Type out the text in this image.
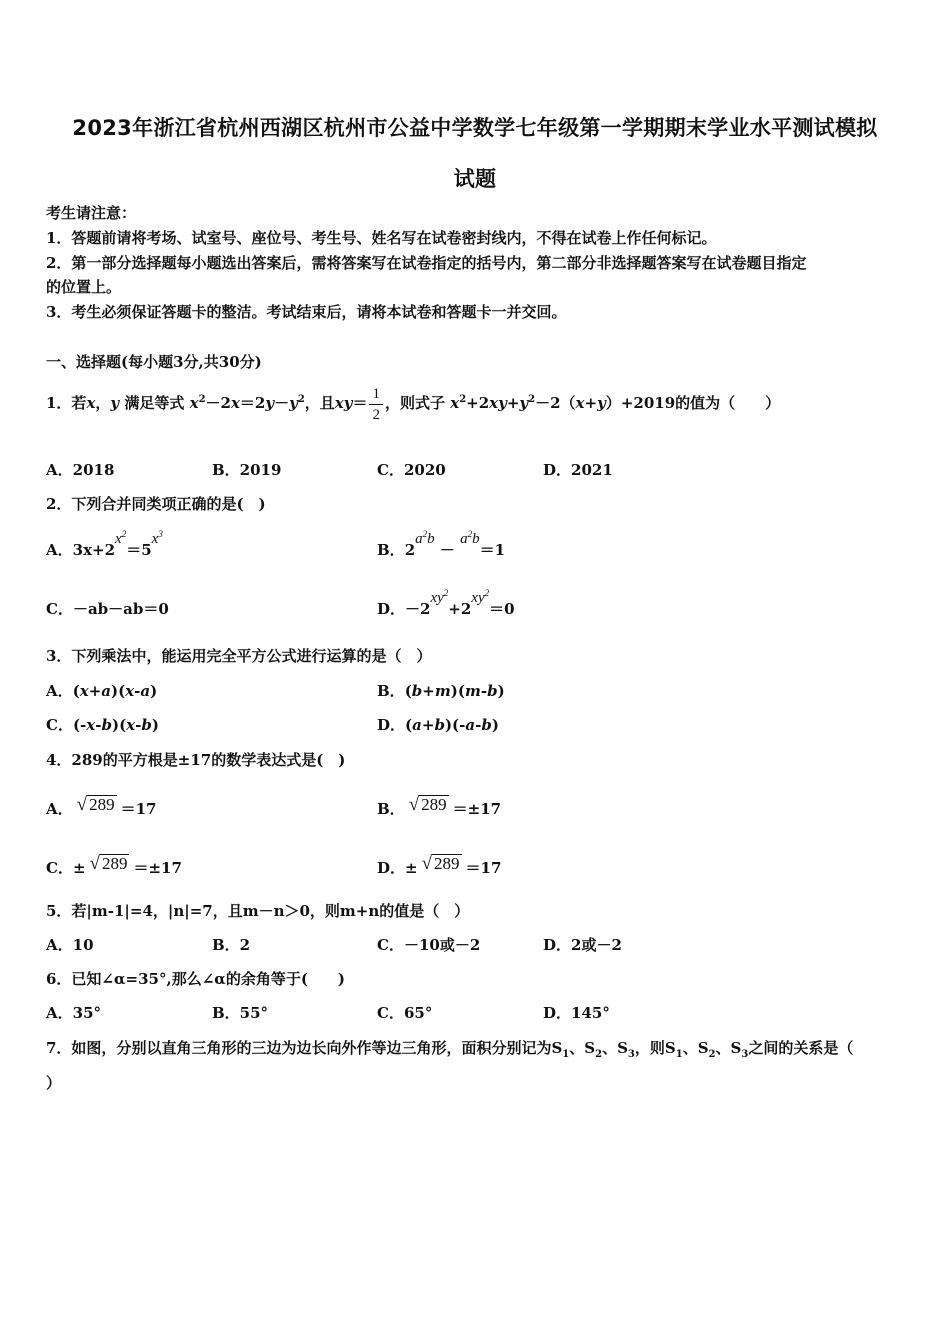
2023年浙江省杭州西湖区杭州市公益中学数学七年级第一学期期末学业水平测试模拟
试题
考生请注意：
1．答题前请将考场、试室号、座位号、考生号、姓名写在试卷密封线内，不得在试卷上作任何标记。
2．第一部分选择题每小题选出答案后，需将答案写在试卷指定的括号内，第二部分非选择题答案写在试卷题目指定
的位置上。
3．考生必须保证答题卡的整洁。考试结束后，请将本试卷和答题卡一并交回。
一、选择题(每小题3分,共30分)
1．若x，y 满足等式 $x^2-2x=2y-y^2$，且$xy= \frac{1}{2}$ ，则式子 $x^2+2xy+y^2-2(x+y)+2019$的值为（　　）
A．2018	B．2019	C．2020	D．2021
2．下列合并同类项正确的是(　)
A．$3x+2x^2=5x^3$
B．$2a^2b - a^2b=1$
C．－ab－ab＝0	D．$-2xy^2+2xy^2=0$
3．下列乘法中，能运用完全平方公式进行运算的是（　）
A．(x+a)(x-a)	B．(b+m)(m-b)
C．(-x-b)(x-b)	D．(a+b)(-a-b)
4．289的平方根是±17的数学表达式是(　)
A． √ 289 ＝17	B． √ 289 ＝±17
C．± √ 289 ＝±17	D．± √ 289 ＝17
5．若|m-1|=4，|n|=7，且m－n＞0，则m+n的值是（　）
A．10	B．2	C．－10或－2	D．2或－2
6．已知∠α=35°,那么∠α的余角等于(　　)
A．35°	B．55°	C．65°	D．145°
7．如图，分别以直角三角形的三边为边长向外作等边三角形，面积分别记为$S_1$、$S_2$、$S_3$，则$S_1$、$S_2$、$S_3$之间的关系是（
）
